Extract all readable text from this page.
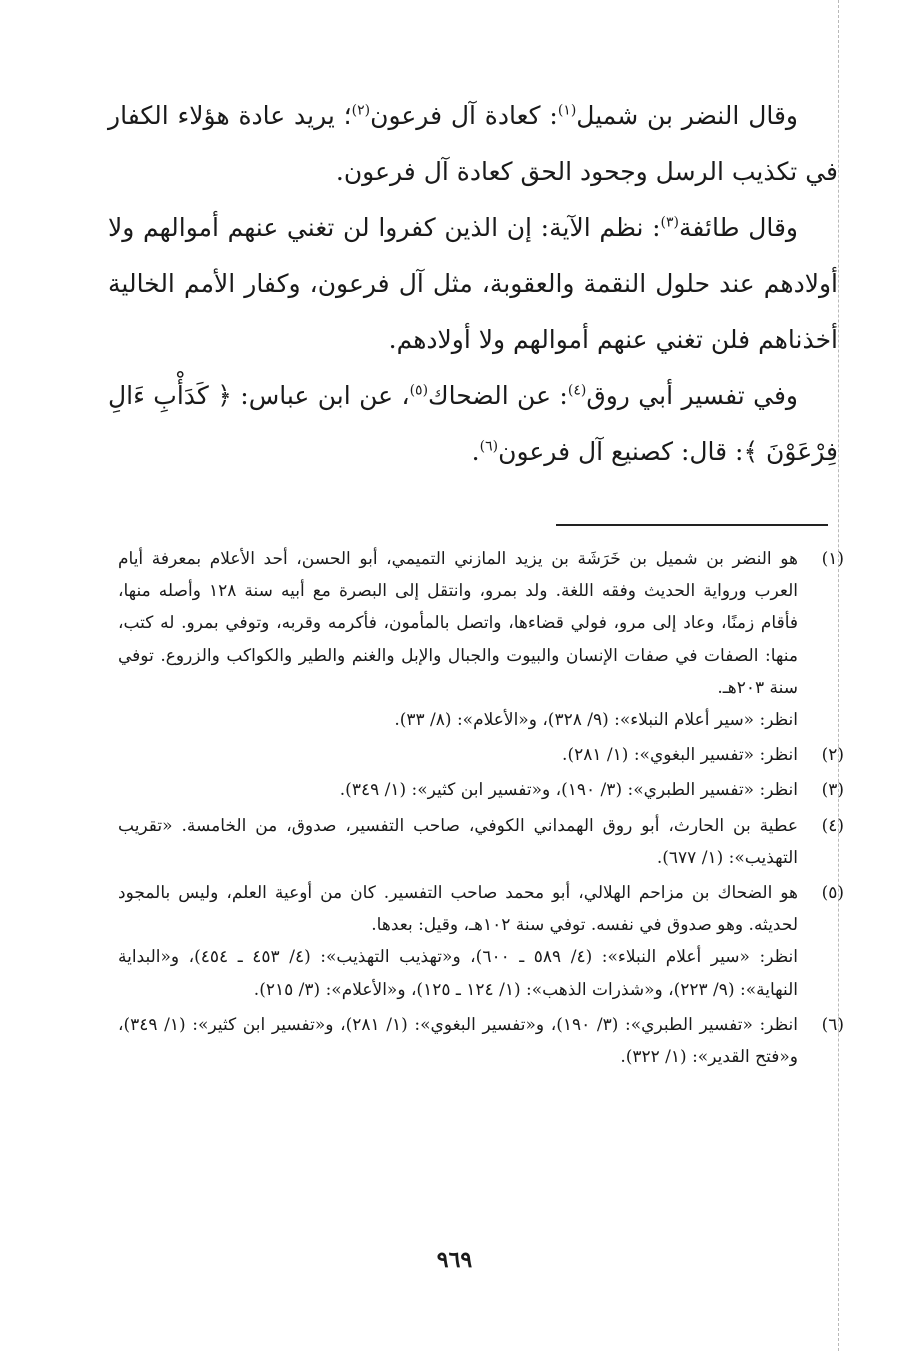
وقال النضر بن شميل$^{(١)}$: كعادة آل فرعون$^{(٢)}$؛ يريد عادة هؤلاء الكفار في تكذيب الرسل وجحود الحق كعادة آل فرعون.

وقال طائفة$^{(٣)}$: نظم الآية: إن الذين كفروا لن تغني عنهم أموالهم ولا أولادهم عند حلول النقمة والعقوبة، مثل آل فرعون، وكفار الأمم الخالية أخذناهم فلن تغني عنهم أموالهم ولا أولادهم.

وفي تفسير أبي روق$^{(٤)}$: عن الضحاك$^{(٥)}$، عن ابن عباس: ﴿ كَدَأْبِ ءَالِ فِرْعَوْنَ ﴾: قال: كصنيع آل فرعون$^{(٦)}$.

(١)

هو النضر بن شميل بن خَرَشَة بن يزيد المازني التميمي، أبو الحسن، أحد الأعلام بمعرفة أيام العرب ورواية الحديث وفقه اللغة. ولد بمرو، وانتقل إلى البصرة مع أبيه سنة ١٢٨ وأصله منها، فأقام زمنًا، وعاد إلى مرو، فولي قضاءها، واتصل بالمأمون، فأكرمه وقربه، وتوفي بمرو. له كتب، منها: الصفات في صفات الإنسان والبيوت والجبال والإبل والغنم والطير والكواكب والزروع. توفي سنة ٢٠٣هـ.

انظر: «سير أعلام النبلاء»: (٩/ ٣٢٨)، و«الأعلام»: (٨/ ٣٣).

(٢)

انظر: «تفسير البغوي»: (١/ ٢٨١).

(٣)

انظر: «تفسير الطبري»: (٣/ ١٩٠)، و«تفسير ابن كثير»: (١/ ٣٤٩).

(٤)

عطية بن الحارث، أبو روق الهمداني الكوفي، صاحب التفسير، صدوق، من الخامسة. «تقريب التهذيب»: (١/ ٦٧٧).

(٥)

هو الضحاك بن مزاحم الهلالي، أبو محمد صاحب التفسير. كان من أوعية العلم، وليس بالمجود لحديثه. وهو صدوق في نفسه. توفي سنة ١٠٢هـ، وقيل: بعدها.

انظر: «سير أعلام النبلاء»: (٤/ ٥٨٩ ـ ٦٠٠)، و«تهذيب التهذيب»: (٤/ ٤٥٣ ـ ٤٥٤)، و«البداية النهاية»: (٩/ ٢٢٣)، و«شذرات الذهب»: (١/ ١٢٤ ـ ١٢٥)، و«الأعلام»: (٣/ ٢١٥).

(٦)

انظر: «تفسير الطبري»: (٣/ ١٩٠)، و«تفسير البغوي»: (١/ ٢٨١)، و«تفسير ابن كثير»: (١/ ٣٤٩)، و«فتح القدير»: (١/ ٣٢٢).

٩٦٩
